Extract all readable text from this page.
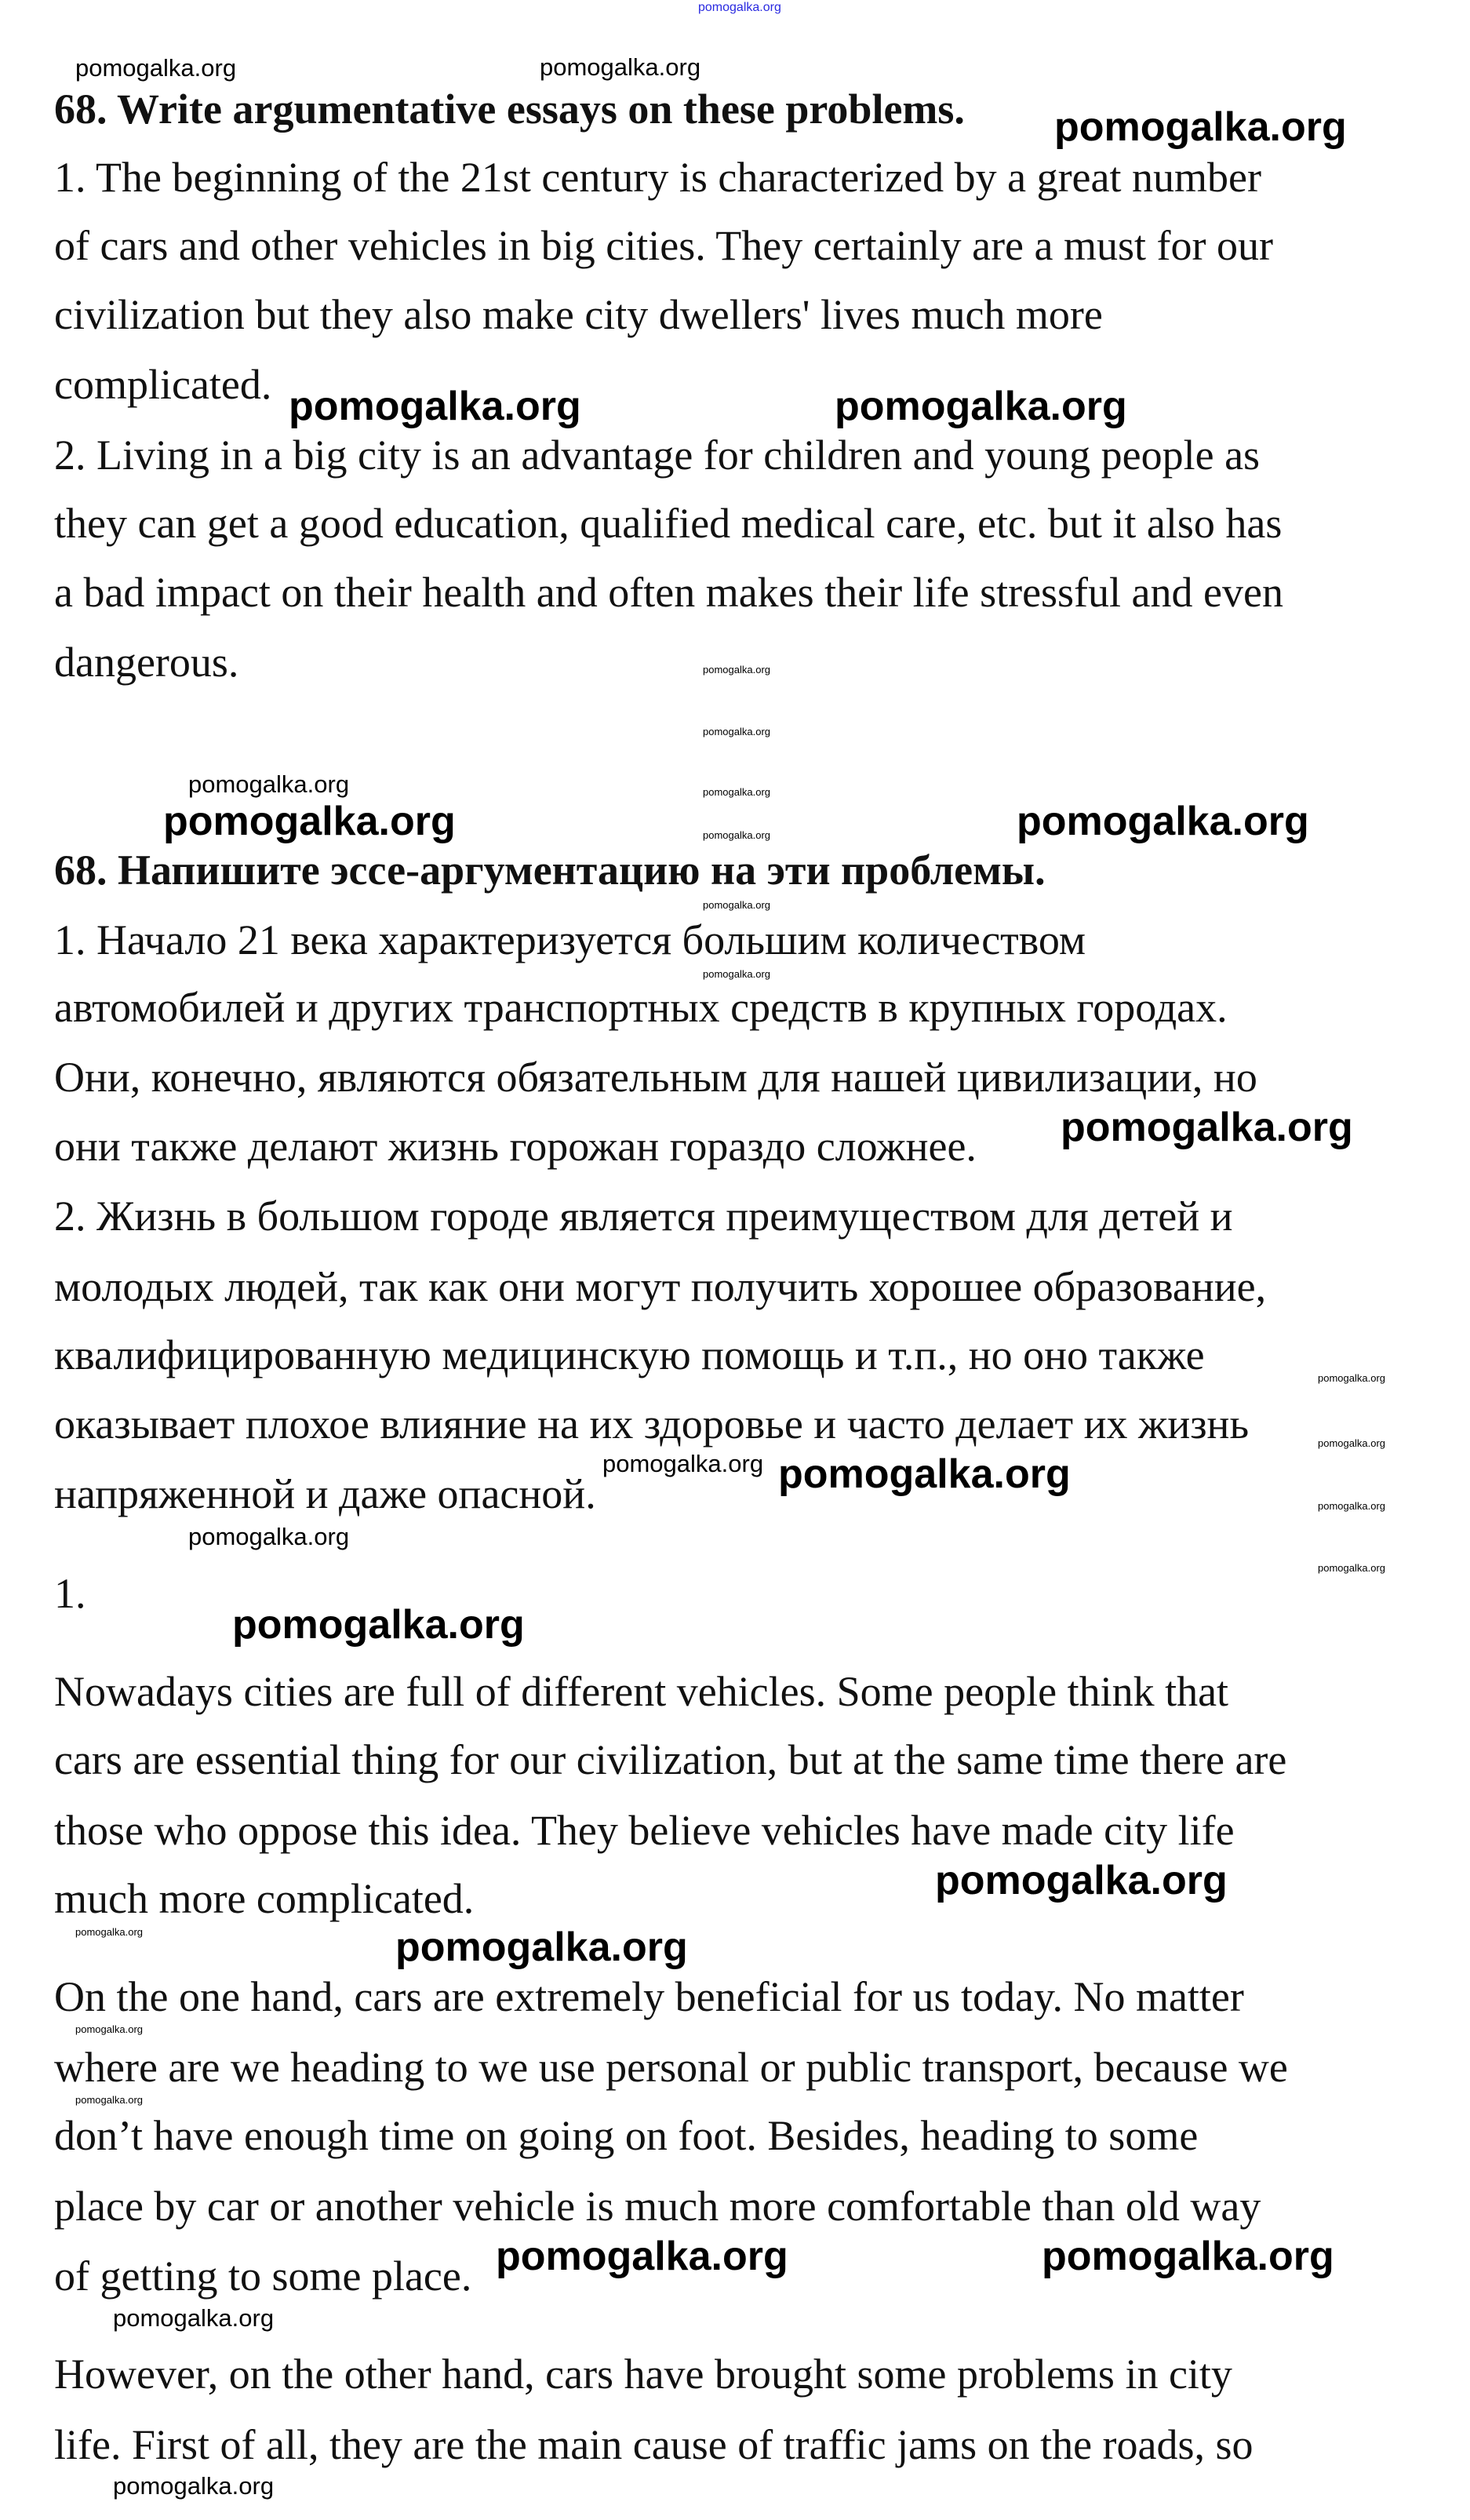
pomogalka.org
68. Write argumentative essays on these problems.
1. The beginning of the 21st century is characterized by a great number
of cars and other vehicles in big cities. They certainly are a must for our
civilization but they also make city dwellers' lives much more
complicated.
2. Living in a big city is an advantage for children and young people as
they can get a good education, qualified medical care, etc. but it also has
a bad impact on their health and often makes their life stressful and even
dangerous.
68. Напишите эссе-аргументацию на эти проблемы.
1. Начало 21 века характеризуется большим количеством
автомобилей и других транспортных средств в крупных городах.
Они, конечно, являются обязательным для нашей цивилизации, но
они также делают жизнь горожан гораздо сложнее.
2. Жизнь в большом городе является преимуществом для детей и
молодых людей, так как они могут получить хорошее образование,
квалифицированную медицинскую помощь и т.п., но оно также
оказывает плохое влияние на их здоровье и часто делает их жизнь
напряженной и даже опасной.
1.
Nowadays cities are full of different vehicles. Some people think that
cars are essential thing for our civilization, but at the same time there are
those who oppose this idea. They believe vehicles have made city life
much more complicated.
On the one hand, cars are extremely beneficial for us today. No matter
where are we heading to we use personal or public transport, because we
don’t have enough time on going on foot. Besides, heading to some
place by car or another vehicle is much more comfortable than old way
of getting to some place.
However, on the other hand, cars have brought some problems in city
life. First of all, they are the main cause of traffic jams on the roads, so
pomogalka.org
pomogalka.org	pomogalka.org
pomogalka.org	pomogalka.org
pomogalka.org
pomogalka.org
pomogalka.org
pomogalka.org
pomogalka.org
pomogalka.org	pomogalka.org
pomogalka.org	pomogalka.org
pomogalka.org
pomogalka.org
pomogalka.org
pomogalka.org
pomogalka.org
pomogalka.org
pomogalka.org
pomogalka.org
pomogalka.org
pomogalka.org
pomogalka.org
pomogalka.org
pomogalka.org
pomogalka.org
pomogalka.org
pomogalka.org
pomogalka.org
pomogalka.org
